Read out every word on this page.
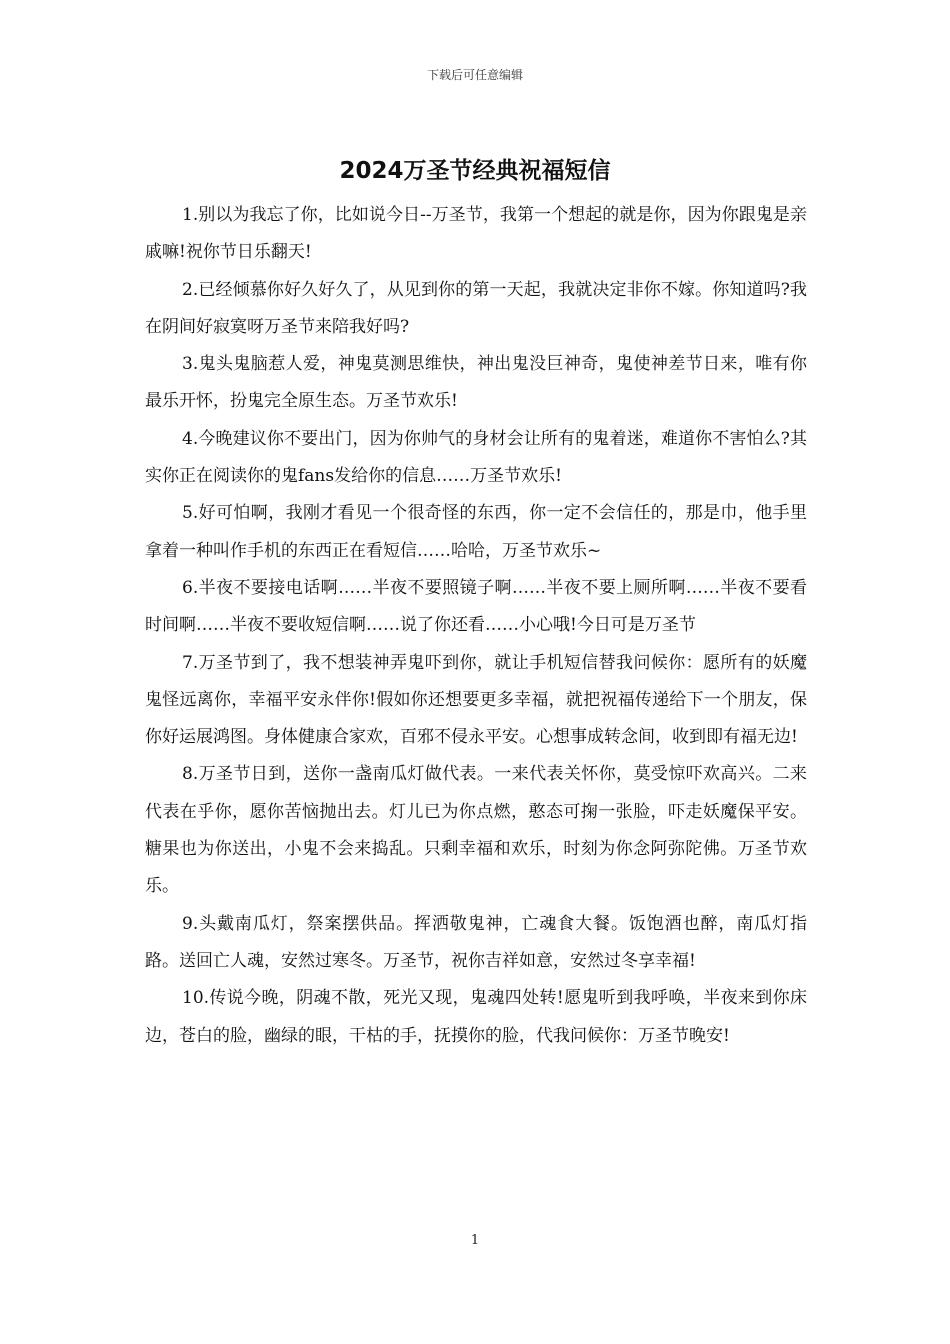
下载后可任意编辑
2024万圣节经典祝福短信

1.别以为我忘了你，比如说今日--万圣节，我第一个想起的就是你，因为你跟鬼是亲戚嘛!祝你节日乐翻天!

2.已经倾慕你好久好久了，从见到你的第一天起，我就决定非你不嫁。你知道吗?我在阴间好寂寞呀万圣节来陪我好吗?

3.鬼头鬼脑惹人爱，神鬼莫测思维快，神出鬼没巨神奇，鬼使神差节日来，唯有你最乐开怀，扮鬼完全原生态。万圣节欢乐!

4.今晚建议你不要出门，因为你帅气的身材会让所有的鬼着迷，难道你不害怕么?其实你正在阅读你的鬼fans发给你的信息……万圣节欢乐!

5.好可怕啊，我刚才看见一个很奇怪的东西，你一定不会信任的，那是巾，他手里拿着一种叫作手机的东西正在看短信……哈哈，万圣节欢乐~

6.半夜不要接电话啊……半夜不要照镜子啊……半夜不要上厕所啊……半夜不要看时间啊……半夜不要收短信啊……说了你还看……小心哦!今日可是万圣节

7.万圣节到了，我不想装神弄鬼吓到你，就让手机短信替我问候你：愿所有的妖魔鬼怪远离你，幸福平安永伴你!假如你还想要更多幸福，就把祝福传递给下一个朋友，保你好运展鸿图。身体健康合家欢，百邪不侵永平安。心想事成转念间，收到即有福无边!

8.万圣节日到，送你一盏南瓜灯做代表。一来代表关怀你，莫受惊吓欢高兴。二来代表在乎你，愿你苦恼抛出去。灯儿已为你点燃，憨态可掬一张脸，吓走妖魔保平安。糖果也为你送出，小鬼不会来捣乱。只剩幸福和欢乐，时刻为你念阿弥陀佛。万圣节欢乐。

9.头戴南瓜灯，祭案摆供品。挥洒敬鬼神，亡魂食大餐。饭饱酒也醉，南瓜灯指路。送回亡人魂，安然过寒冬。万圣节，祝你吉祥如意，安然过冬享幸福!

10.传说今晚，阴魂不散，死光又现，鬼魂四处转!愿鬼听到我呼唤，半夜来到你床边，苍白的脸，幽绿的眼，干枯的手，抚摸你的脸，代我问候你：万圣节晚安!

1
